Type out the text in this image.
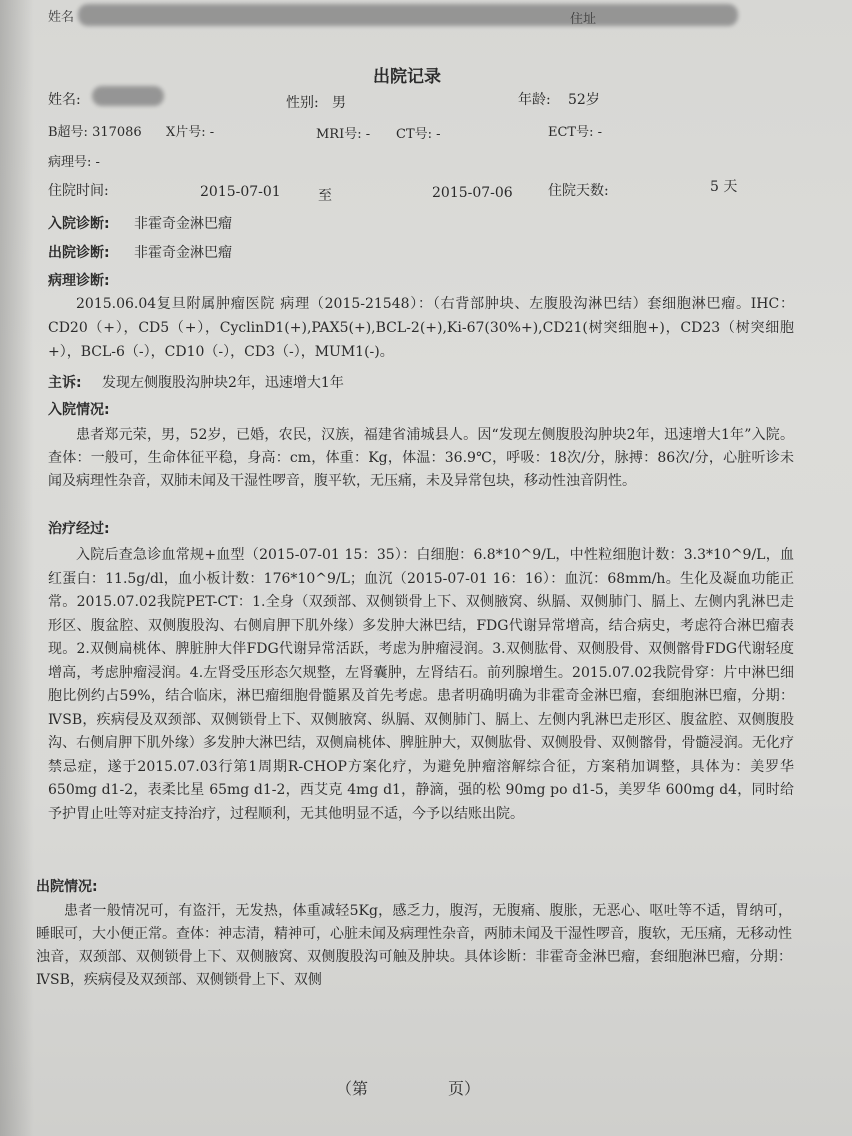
姓名	住址
出院记录
姓名:	性别: 男	年龄: 52岁
B超号: 317086 X片号: -	MRI号: - CT号: -	ECT号: -
病理号: -
住院时间:	2015-07-01	至	2015-07-06	住院天数:	5 天
入院诊断: 非霍奇金淋巴瘤
出院诊断: 非霍奇金淋巴瘤
病理诊断:
2015.06.04复旦附属肿瘤医院 病理（2015-21548）：（右背部肿块、左腹股沟淋巴结）套细胞淋巴瘤。IHC：CD20（+），CD5（+），CyclinD1(+),PAX5(+),BCL-2(+),Ki-67(30%+),CD21(树突细胞+)，CD23（树突细胞+），BCL-6（-），CD10（-），CD3（-），MUM1(-)。
主诉: 发现左侧腹股沟肿块2年，迅速增大1年
入院情况:
患者郑元荣，男，52岁，已婚，农民，汉族，福建省浦城县人。因“发现左侧腹股沟肿块2年，迅速增大1年”入院。查体：一般可，生命体征平稳，身高：cm，体重：Kg，体温：36.9℃，呼吸：18次/分，脉搏：86次/分，心脏听诊未闻及病理性杂音，双肺未闻及干湿性啰音，腹平软，无压痛，未及异常包块，移动性浊音阴性。
治疗经过:
入院后查急诊血常规+血型（2015-07-01 15：35）：白细胞：6.8*10^9/L，中性粒细胞计数：3.3*10^9/L，血红蛋白：11.5g/dl，血小板计数：176*10^9/L；血沉（2015-07-01 16：16）：血沉：68mm/h。生化及凝血功能正常。2015.07.02我院PET-CT：1.全身（双颈部、双侧锁骨上下、双侧腋窝、纵膈、双侧肺门、膈上、左侧内乳淋巴走形区、腹盆腔、双侧腹股沟、右侧肩胛下肌外缘）多发肿大淋巴结，FDG代谢异常增高，结合病史，考虑符合淋巴瘤表现。2.双侧扁桃体、脾脏肿大伴FDG代谢异常活跃，考虑为肿瘤浸润。3.双侧肱骨、双侧股骨、双侧髂骨FDG代谢轻度增高，考虑肿瘤浸润。4.左肾受压形态欠规整，左肾囊肿，左肾结石。前列腺增生。2015.07.02我院骨穿：片中淋巴细胞比例约占59%，结合临床，淋巴瘤细胞骨髓累及首先考虑。患者明确明确为非霍奇金淋巴瘤，套细胞淋巴瘤，分期：ⅣSB，疾病侵及双颈部、双侧锁骨上下、双侧腋窝、纵膈、双侧肺门、膈上、左侧内乳淋巴走形区、腹盆腔、双侧腹股沟、右侧肩胛下肌外缘）多发肿大淋巴结，双侧扁桃体、脾脏肿大，双侧肱骨、双侧股骨、双侧髂骨，骨髓浸润。无化疗禁忌症，遂于2015.07.03行第1周期R-CHOP方案化疗，为避免肿瘤溶解综合征，方案稍加调整，具体为：美罗华 650mg d1-2，表柔比星 65mg d1-2，西艾克 4mg d1，静滴，强的松 90mg po d1-5，美罗华 600mg d4，同时给予护胃止吐等对症支持治疗，过程顺利，无其他明显不适，今予以结账出院。
出院情况:
患者一般情况可，有盗汗，无发热，体重减轻5Kg，感乏力，腹泻，无腹痛、腹胀，无恶心、呕吐等不适，胃纳可，睡眠可，大小便正常。查体：神志清，精神可，心脏未闻及病理性杂音，两肺未闻及干湿性啰音，腹软，无压痛，无移动性浊音，双颈部、双侧锁骨上下、双侧腋窝、双侧腹股沟可触及肿块。具体诊断：非霍奇金淋巴瘤，套细胞淋巴瘤，分期：ⅣSB，疾病侵及双颈部、双侧锁骨上下、双侧
（第	页）
